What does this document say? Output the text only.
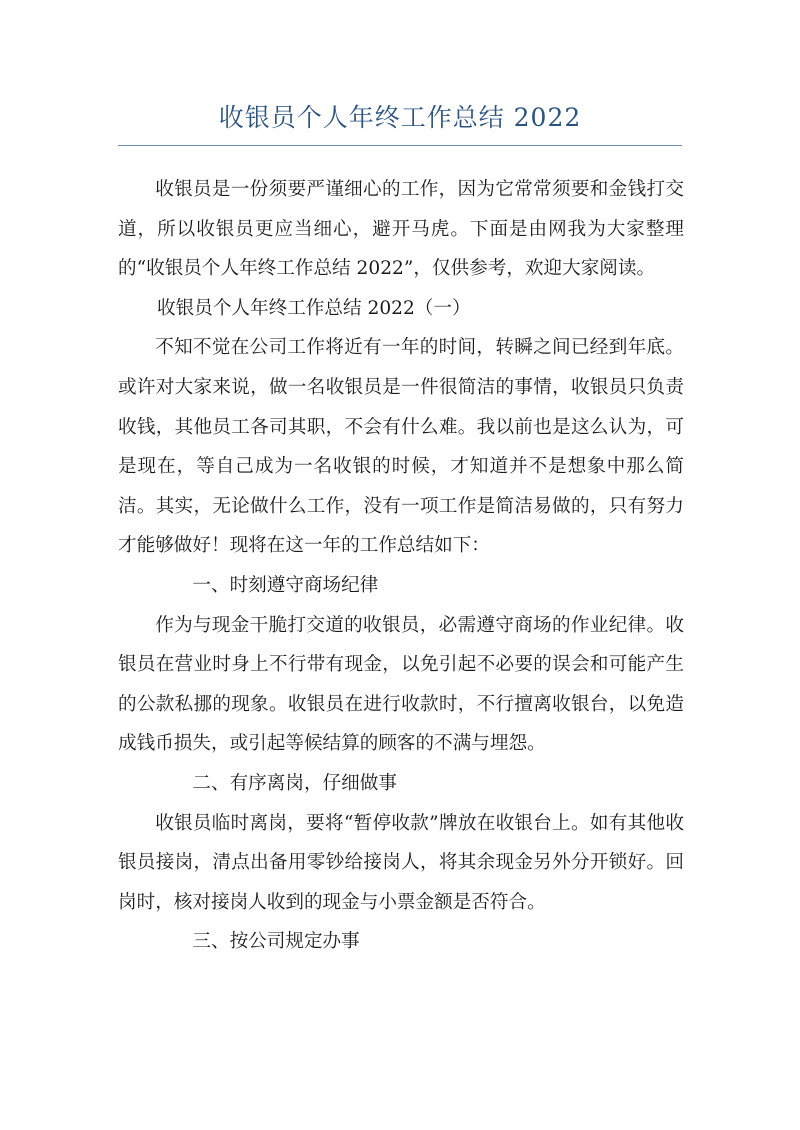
收银员个人年终工作总结 2022

收银员是一份须要严谨细心的工作，因为它常常须要和金钱打交道，所以收银员更应当细心，避开马虎。下面是由网我为大家整理的“收银员个人年终工作总结 2022”，仅供参考，欢迎大家阅读。

收银员个人年终工作总结 2022（一）

不知不觉在公司工作将近有一年的时间，转瞬之间已经到年底。或许对大家来说，做一名收银员是一件很简洁的事情，收银员只负责收钱，其他员工各司其职，不会有什么难。我以前也是这么认为，可是现在，等自己成为一名收银的时候，才知道并不是想象中那么简洁。其实，无论做什么工作，没有一项工作是简洁易做的，只有努力才能够做好！现将在这一年的工作总结如下：

一、时刻遵守商场纪律

作为与现金干脆打交道的收银员，必需遵守商场的作业纪律。收银员在营业时身上不行带有现金，以免引起不必要的误会和可能产生的公款私挪的现象。收银员在进行收款时，不行擅离收银台，以免造成钱币损失，或引起等候结算的顾客的不满与埋怨。

二、有序离岗，仔细做事

收银员临时离岗，要将“暂停收款”牌放在收银台上。如有其他收银员接岗，清点出备用零钞给接岗人，将其余现金另外分开锁好。回岗时，核对接岗人收到的现金与小票金额是否符合。

三、按公司规定办事
